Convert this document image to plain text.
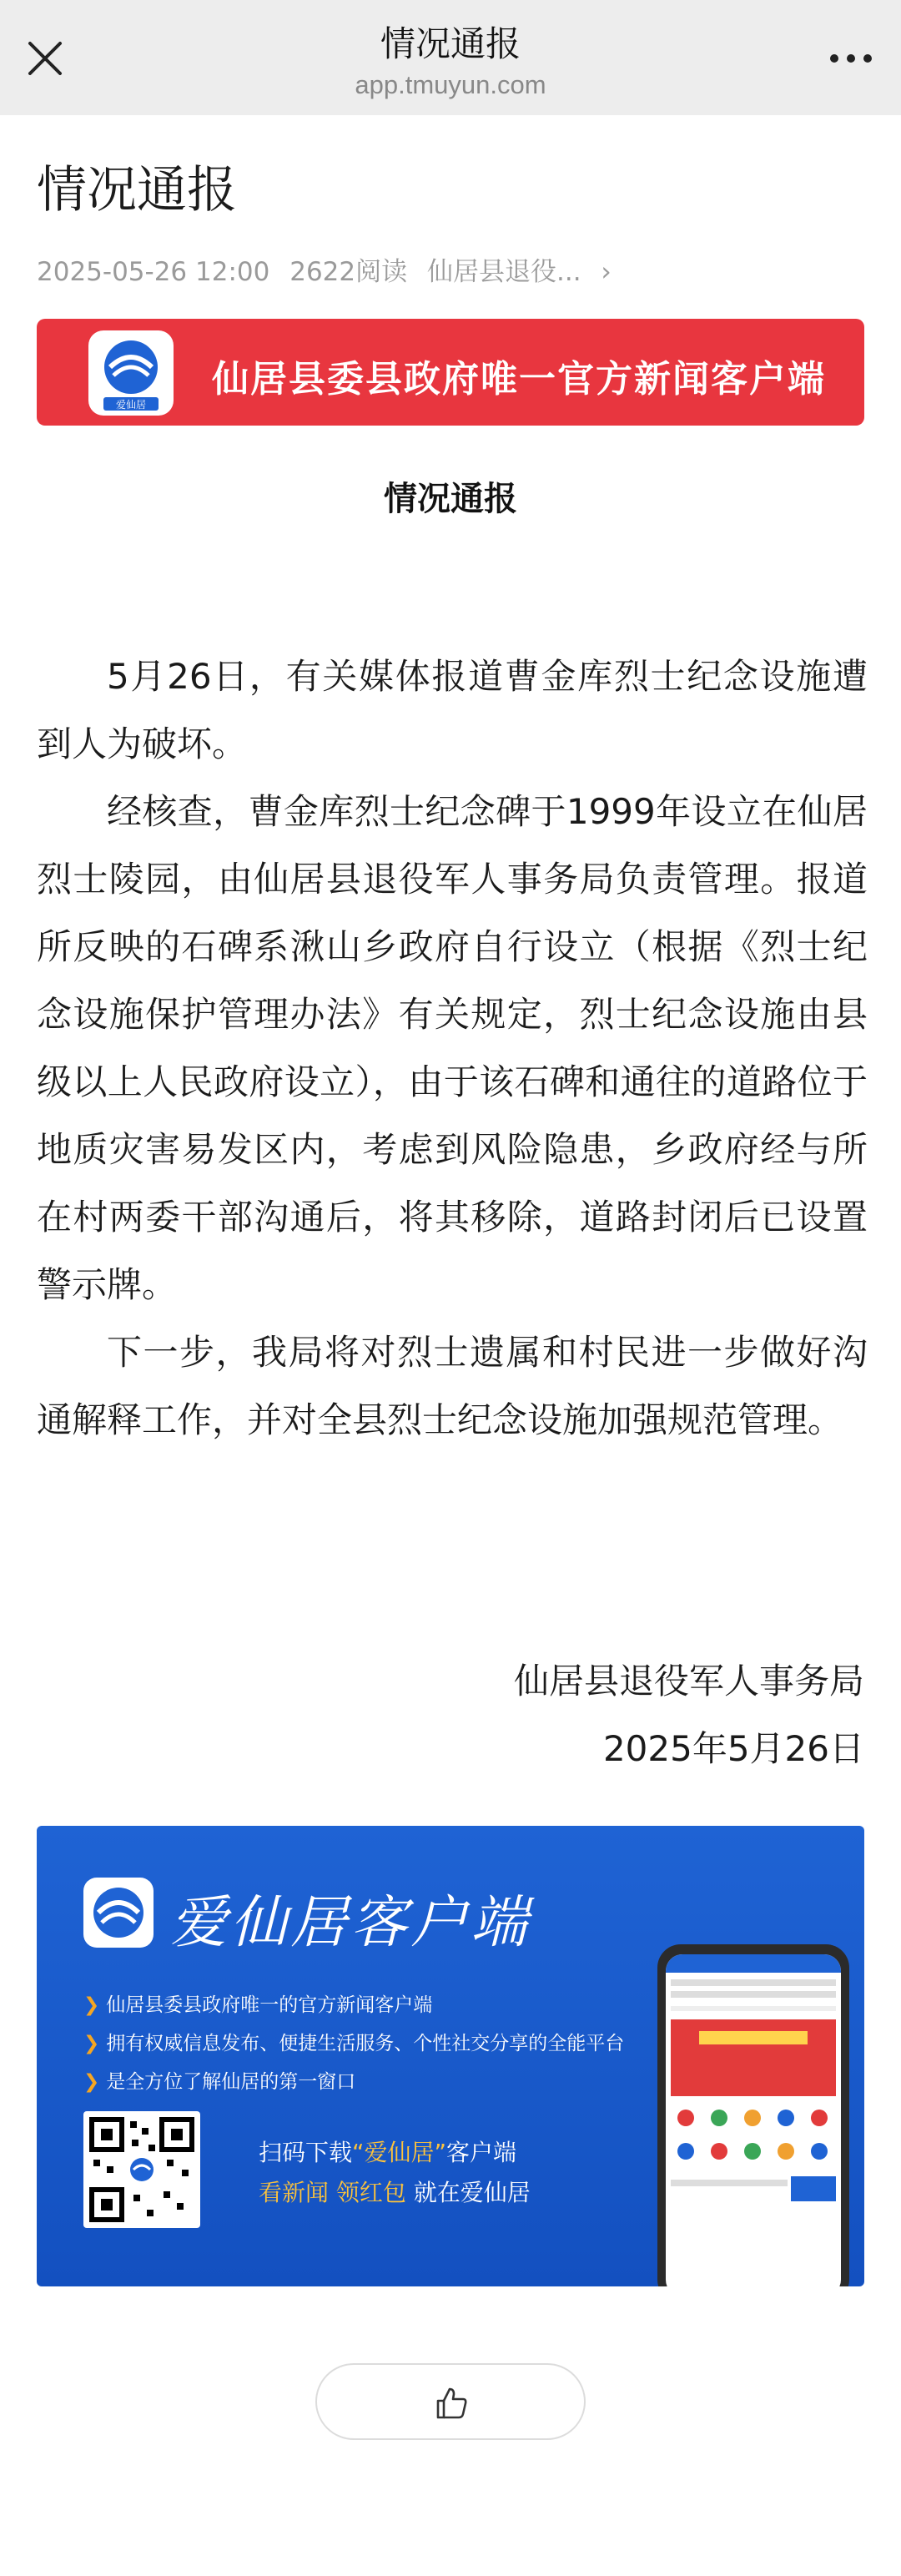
情况通报
app.tmuyun.com
情况通报
2025-05-26 12:00 2622阅读 仙居县退役... ›
爱仙居
仙居县委县政府唯一官方新闻客户端
情况通报

5月26日，有关媒体报道曹金库烈士纪念设施遭到人为破坏。

经核查，曹金库烈士纪念碑于1999年设立在仙居烈士陵园，由仙居县退役军人事务局负责管理。报道所反映的石碑系湫山乡政府自行设立（根据《烈士纪念设施保护管理办法》有关规定，烈士纪念设施由县级以上人民政府设立），由于该石碑和通往的道路位于地质灾害易发区内，考虑到风险隐患，乡政府经与所在村两委干部沟通后，将其移除，道路封闭后已设置警示牌。

下一步，我局将对烈士遗属和村民进一步做好沟通解释工作，并对全县烈士纪念设施加强规范管理。

仙居县退役军人事务局
2025年5月26日
爱仙居客户端
❯ 仙居县委县政府唯一的官方新闻客户端
❯ 拥有权威信息发布、便捷生活服务、个性社交分享的全能平台
❯ 是全方位了解仙居的第一窗口
扫码下载“爱仙居”客户端
看新闻 领红包 就在爱仙居
